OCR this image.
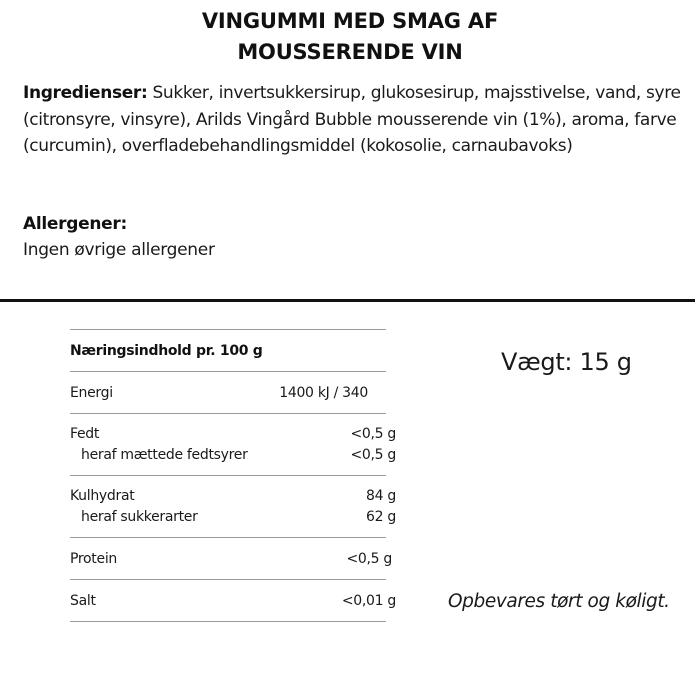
VINGUMMI MED SMAG AF
MOUSSERENDE VIN
Ingredienser: Sukker, invertsukkersirup, glukosesirup, majsstivelse, vand, syre (citronsyre, vinsyre), Arilds Vingård Bubble mousserende vin (1%), aroma, farve (curcumin), overfladebehandlingsmiddel (kokosolie, carnaubavoks)
Allergener:
Ingen øvrige allergener
Næringsindhold pr. 100 g
Energi	1400 kJ / 340
Fedt	<0,5 g
heraf mættede fedtsyrer	<0,5 g
Kulhydrat	84 g
heraf sukkerarter	62 g
Protein	<0,5 g
Salt	<0,01 g
Vægt: 15 g
Opbevares tørt og køligt.
